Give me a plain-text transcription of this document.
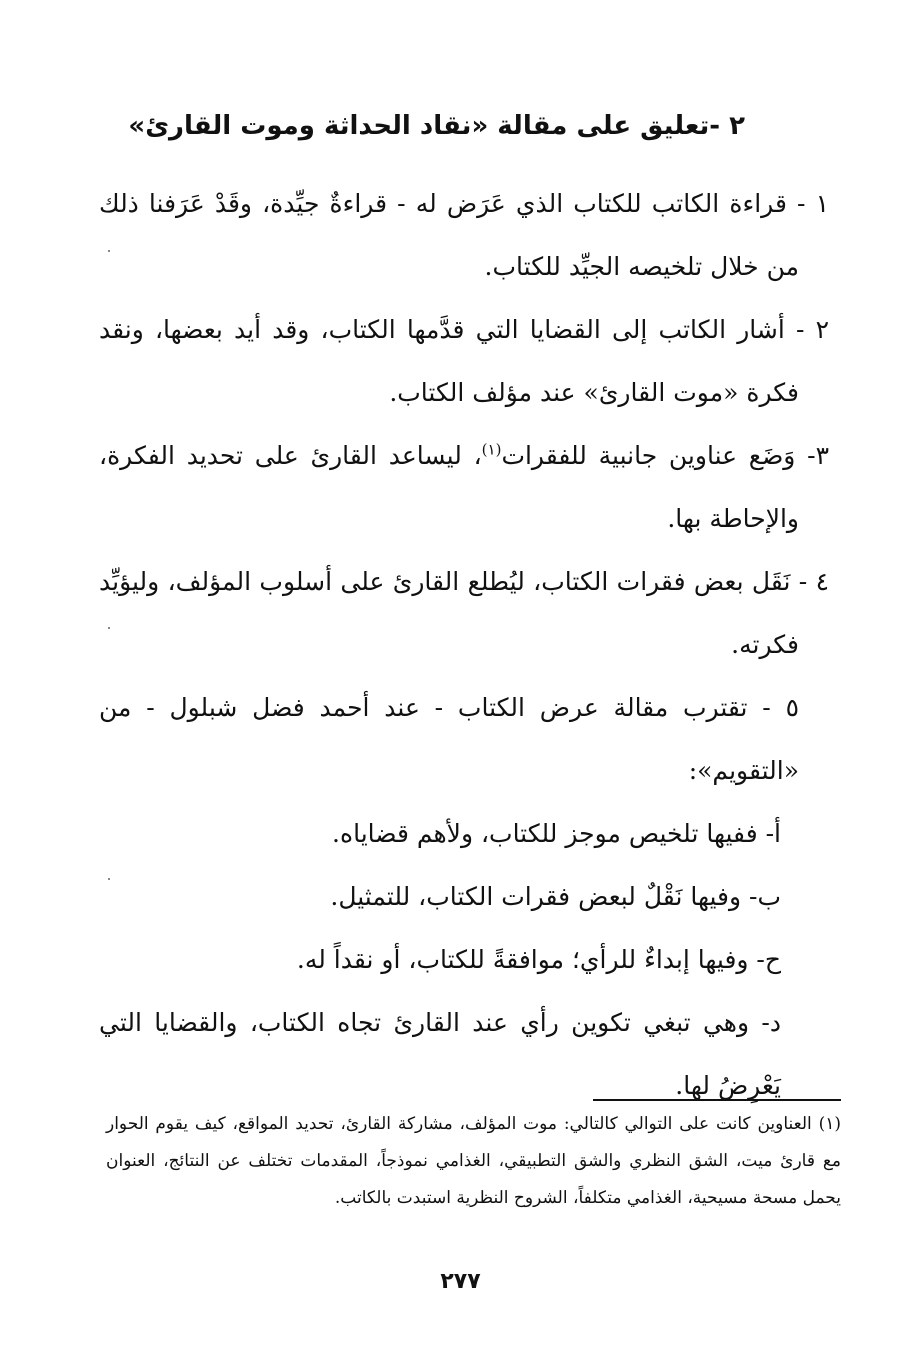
٢ -تعليق على مقالة «نقاد الحداثة وموت القارئ»

١ - قراءة الكاتب للكتاب الذي عَرَض له - قراءةٌ جيِّدة، وقَدْ عَرَفنا ذلك من خلال تلخيصه الجيِّد للكتاب.

٢ - أشار الكاتب إلى القضايا التي قدَّمها الكتاب، وقد أيد بعضها، ونقد فكرة «موت القارئ» عند مؤلف الكتاب.

٣- وَضَع عناوين جانبية للفقرات$^{(١)}$، ليساعد القارئ على تحديد الفكرة، والإحاطة بها.

٤ - نَقَل بعض فقرات الكتاب، ليُطلع القارئ على أسلوب المؤلف، وليؤيِّد فكرته.

٥ - تقترب مقالة عرض الكتاب - عند أحمد فضل شبلول - من «التقويم»:

أ- ففيها تلخيص موجز للكتاب، ولأهم قضاياه.

ب- وفيها نَقْلٌ لبعض فقرات الكتاب، للتمثيل.

ح- وفيها إبداءٌ للرأي؛ موافقةً للكتاب، أو نقداً له.

د- وهي تبغي تكوين رأي عند القارئ تجاه الكتاب، والقضايا التي يَعْرِضُ لها.

(١) العناوين كانت على التوالي كالتالي: موت المؤلف، مشاركة القارئ، تحديد المواقع، كيف يقوم الحوار مع قارئ ميت، الشق النظري والشق التطبيقي، الغذامي نموذجاً، المقدمات تختلف عن النتائج، العنوان يحمل مسحة مسيحية، الغذامي متكلفاً، الشروح النظرية استبدت بالكاتب.
٢٧٧
